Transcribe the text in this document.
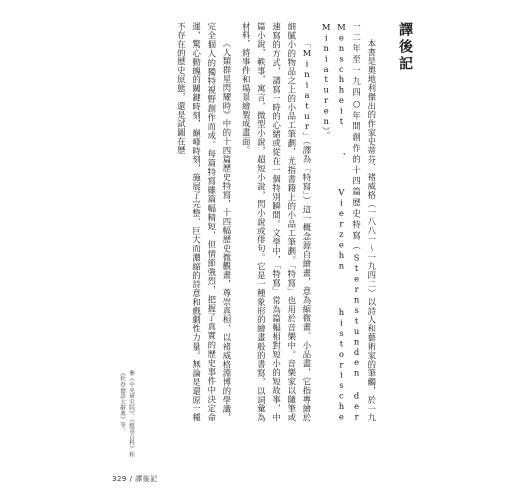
譯後記

本書是奧地利傑出的作家史蒂芬．褚威格（一八八一～一九四二）以詩人和藝術家的筆觸，於一九一二年至一九四○年間創作的十四篇歷史特寫（Sternstunden der Menschheit，Vierzehn historische Miniaturen）。

「Miniatur」（譯為「特寫」）這一概念源自繪畫，意為縮微畫、小品畫，它指專繪於細膩小的物品之上的小品工筆劃，尤指書籍上的小品工筆劃。「特寫」也用於音樂中。音樂家以隨筆或速寫的方式，譜寫一時的心緒或從在一個特別瞬間。文學中，「特寫」常為篇幅相對短小的短故事，中篇小說，軼事，寓言，微型小說，超短小說，閃小說或俳句。它是一種象形的繪畫般的書寫，以詞彙為材料，將事件和場景繪製成畫面。

《人類群星閃耀時》中的十四篇歷史特寫，十四幅歷史微觀畫，尊崇真相，以褚威格淵博的學識，完全個人的獨特視野創作而成。每篇特寫雖篇幅精短，但情節強烈，把握了真實的歷史事件中決定命運，驚心動魄的關鍵時刻，巔峰時刻，施展了完整、巨大而濃縮的詩意和戲劇性力量。無論是還原一種不存在的歷史原態，還是試圖在歷

參《中央研究院》、《維基百科》和《杜登德語大辭典》等。
329 / 譯後記
